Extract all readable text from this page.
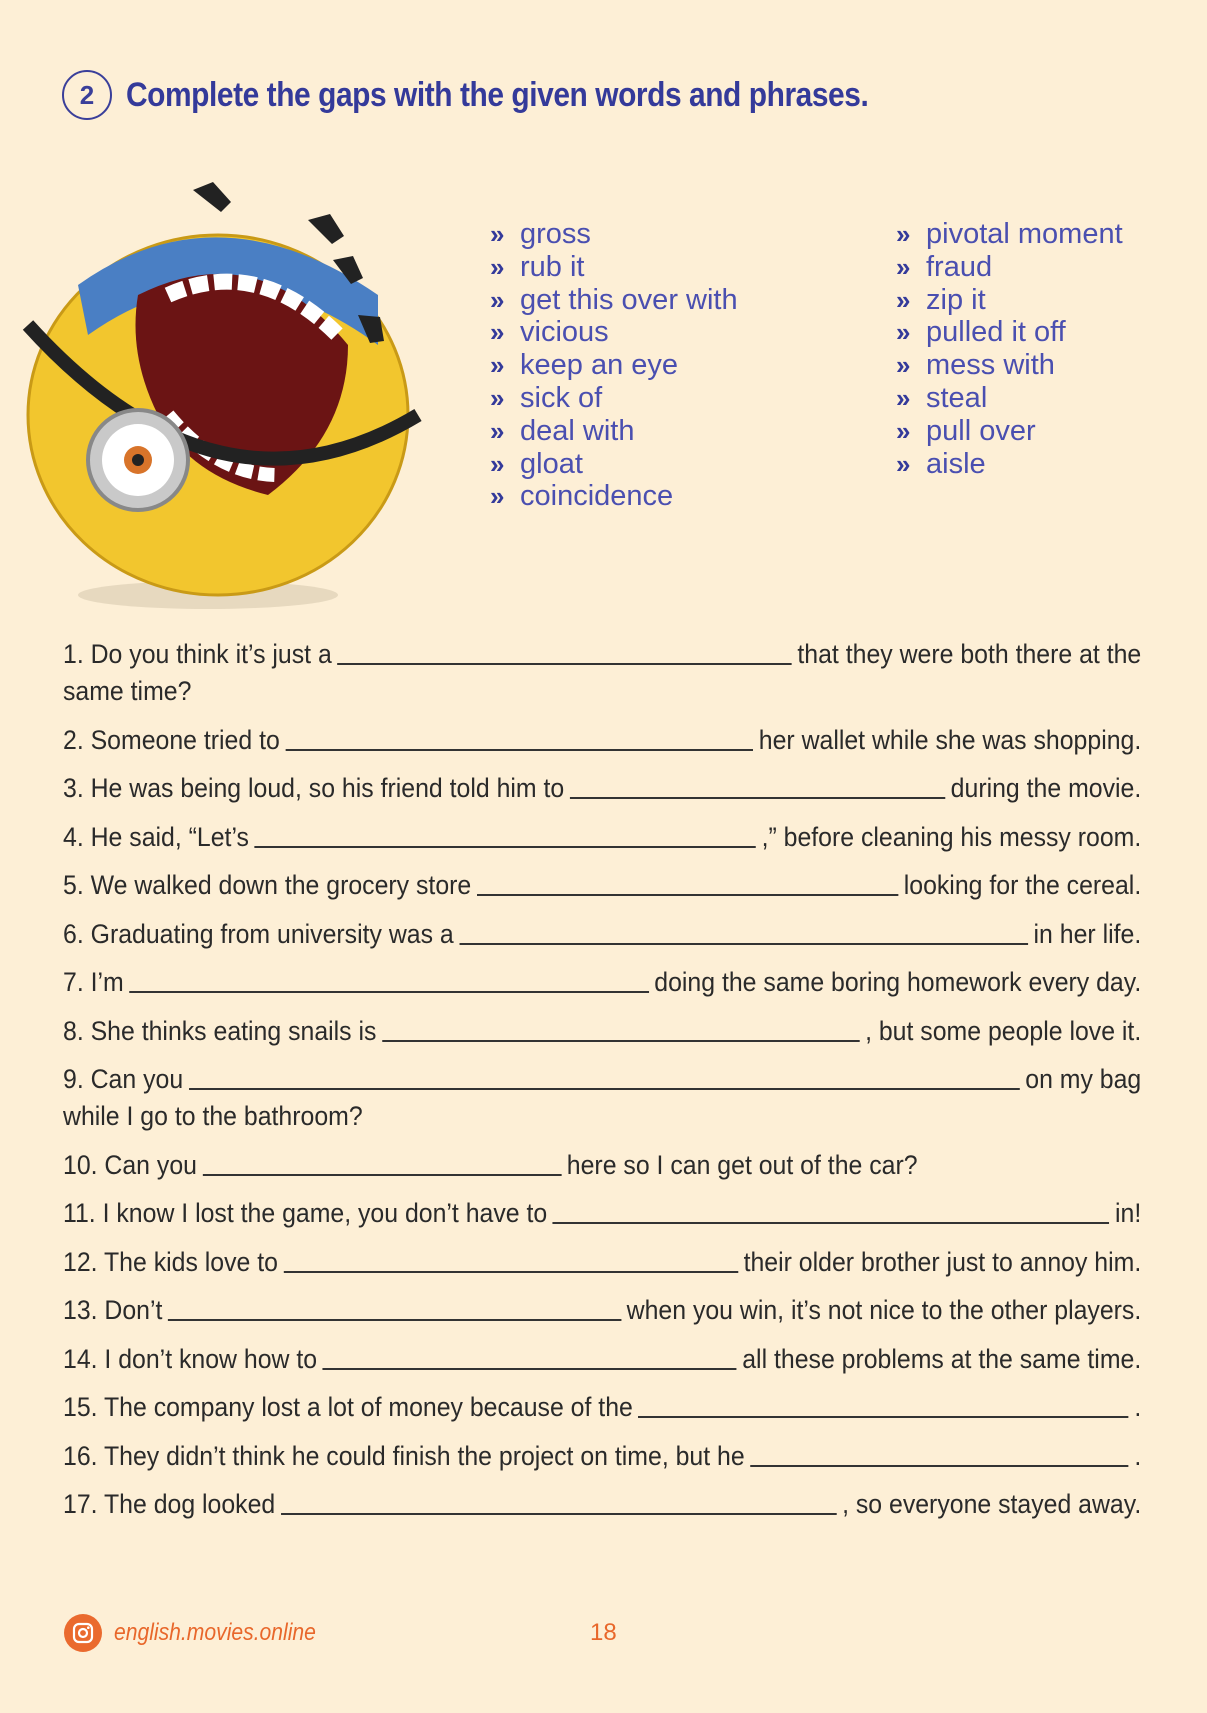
2 Complete the gaps with the given words and phrases.
» gross
» rub it
» get this over with
» vicious
» keep an eye
» sick of
» deal with
» gloat
» coincidence
» pivotal moment
» fraud
» zip it
» pulled it off
» mess with
» steal
» pull over
» aisle
1. Do you think it’s just a	that they were both there at the
same time?
2. Someone tried to	her wallet while she was shopping.
3. He was being loud, so his friend told him to	during the movie.
4. He said, “Let’s	,” before cleaning his messy room.
5. We walked down the grocery store	looking for the cereal.
6. Graduating from university was a	in her life.
7. I’m	doing the same boring homework every day.
8. She thinks eating snails is	, but some people love it.
9. Can you	on my bag
while I go to the bathroom?
10. Can you	here so I can get out of the car?
11. I know I lost the game, you don’t have to	in!
12. The kids love to	their older brother just to annoy him.
13. Don’t	when you win, it’s not nice to the other players.
14. I don’t know how to	all these problems at the same time.
15. The company lost a lot of money because of the	.
16. They didn’t think he could finish the project on time, but he	.
17. The dog looked	, so everyone stayed away.
english.movies.online	18
